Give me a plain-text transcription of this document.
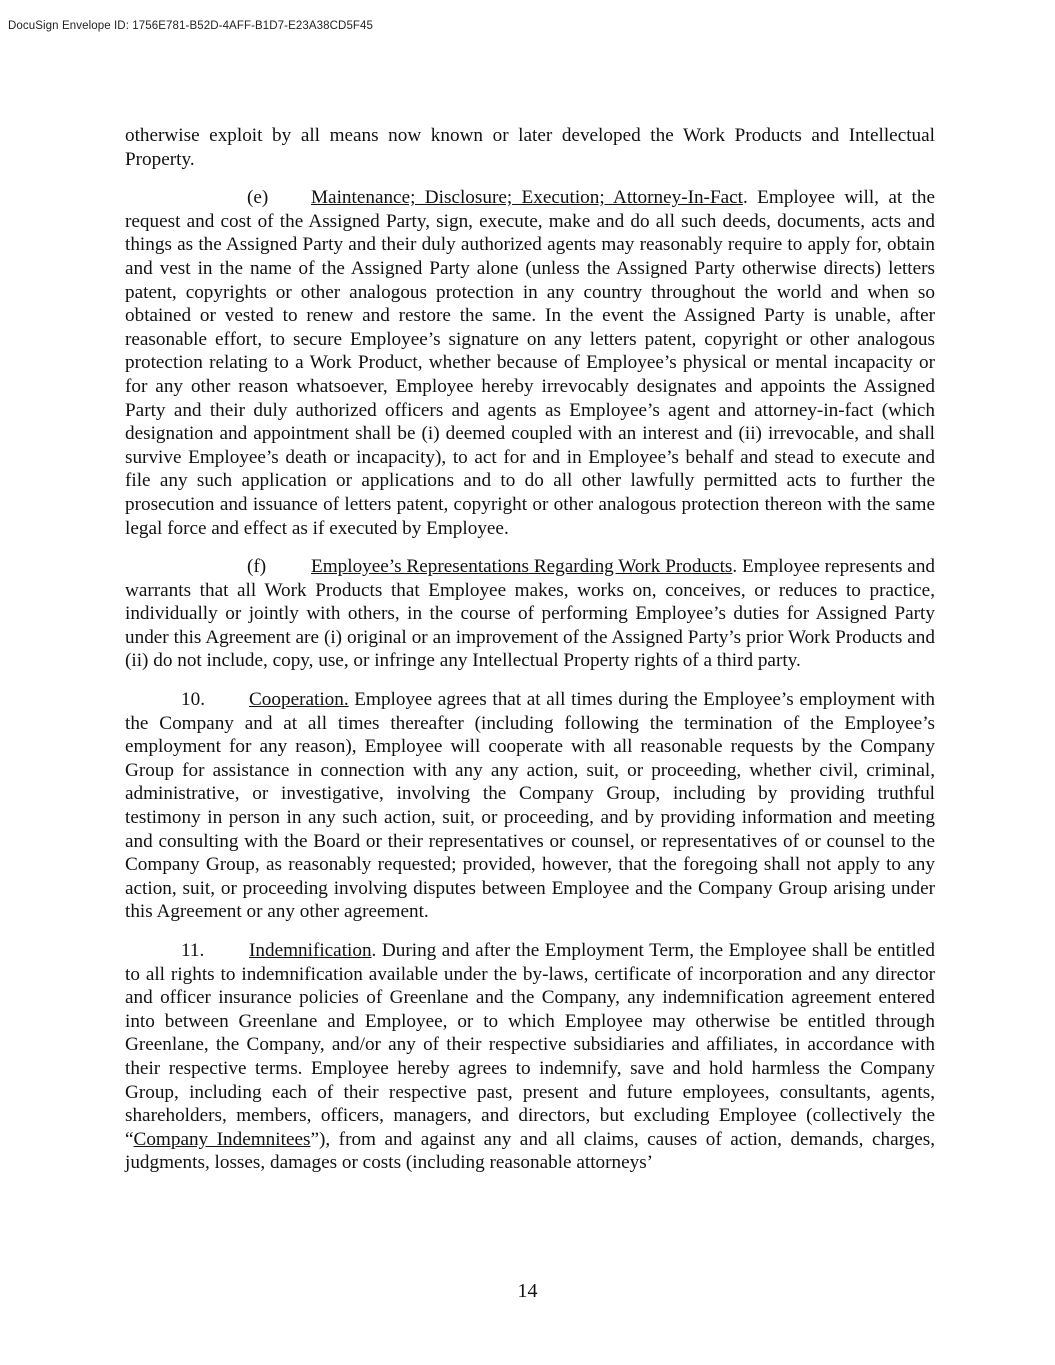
DocuSign Envelope ID: 1756E781-B52D-4AFF-B1D7-E23A38CD5F45

otherwise exploit by all means now known or later developed the Work Products and Intellectual Property.

(e) Maintenance; Disclosure; Execution; Attorney-In-Fact. Employee will, at the request and cost of the Assigned Party, sign, execute, make and do all such deeds, documents, acts and things as the Assigned Party and their duly authorized agents may reasonably require to apply for, obtain and vest in the name of the Assigned Party alone (unless the Assigned Party otherwise directs) letters patent, copyrights or other analogous protection in any country throughout the world and when so obtained or vested to renew and restore the same. In the event the Assigned Party is unable, after reasonable effort, to secure Employee’s signature on any letters patent, copyright or other analogous protection relating to a Work Product, whether because of Employee’s physical or mental incapacity or for any other reason whatsoever, Employee hereby irrevocably designates and appoints the Assigned Party and their duly authorized officers and agents as Employee’s agent and attorney-in-fact (which designation and appointment shall be (i) deemed coupled with an interest and (ii) irrevocable, and shall survive Employee’s death or incapacity), to act for and in Employee’s behalf and stead to execute and file any such application or applications and to do all other lawfully permitted acts to further the prosecution and issuance of letters patent, copyright or other analogous protection thereon with the same legal force and effect as if executed by Employee.

(f) Employee’s Representations Regarding Work Products. Employee represents and warrants that all Work Products that Employee makes, works on, conceives, or reduces to practice, individually or jointly with others, in the course of performing Employee’s duties for Assigned Party under this Agreement are (i) original or an improvement of the Assigned Party’s prior Work Products and (ii) do not include, copy, use, or infringe any Intellectual Property rights of a third party.

10. Cooperation. Employee agrees that at all times during the Employee’s employment with the Company and at all times thereafter (including following the termination of the Employee’s employment for any reason), Employee will cooperate with all reasonable requests by the Company Group for assistance in connection with any any action, suit, or proceeding, whether civil, criminal, administrative, or investigative, involving the Company Group, including by providing truthful testimony in person in any such action, suit, or proceeding, and by providing information and meeting and consulting with the Board or their representatives or counsel, or representatives of or counsel to the Company Group, as reasonably requested; provided, however, that the foregoing shall not apply to any action, suit, or proceeding involving disputes between Employee and the Company Group arising under this Agreement or any other agreement.

11. Indemnification. During and after the Employment Term, the Employee shall be entitled to all rights to indemnification available under the by-laws, certificate of incorporation and any director and officer insurance policies of Greenlane and the Company, any indemnification agreement entered into between Greenlane and Employee, or to which Employee may otherwise be entitled through Greenlane, the Company, and/or any of their respective subsidiaries and affiliates, in accordance with their respective terms. Employee hereby agrees to indemnify, save and hold harmless the Company Group, including each of their respective past, present and future employees, consultants, agents, shareholders, members, officers, managers, and directors, but excluding Employee (collectively the “Company Indemnitees”), from and against any and all claims, causes of action, demands, charges, judgments, losses, damages or costs (including reasonable attorneys’

14
